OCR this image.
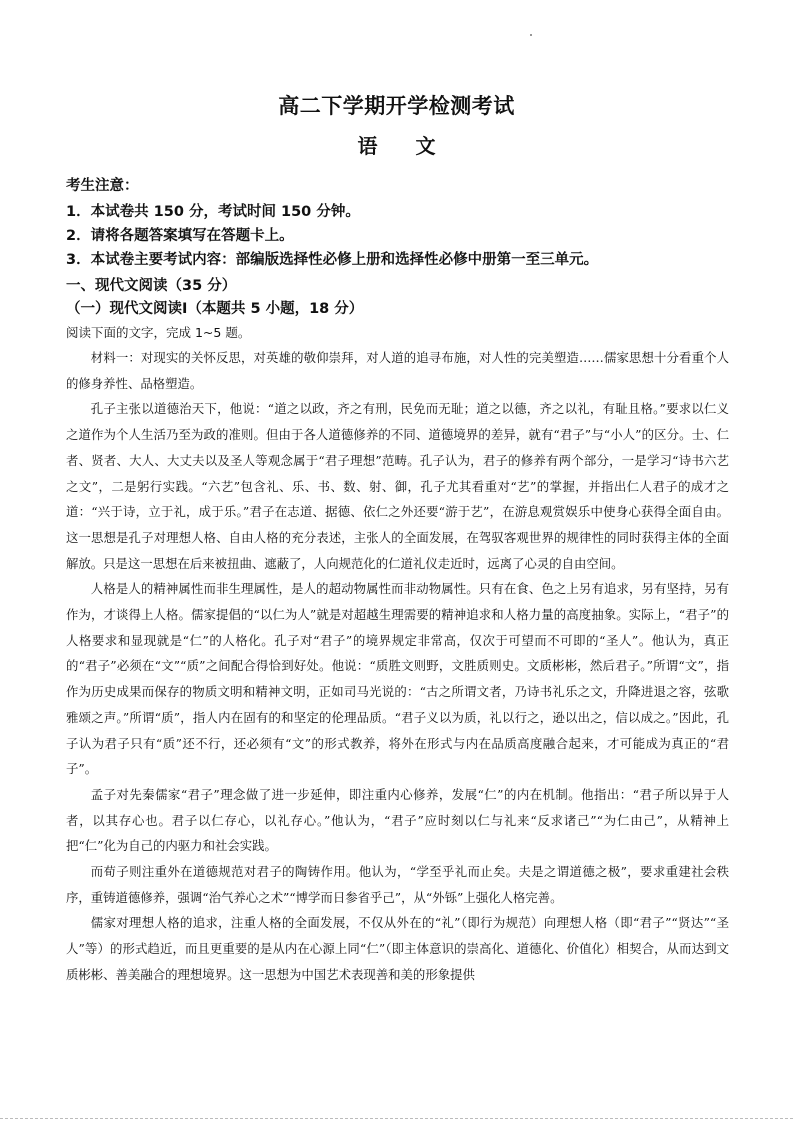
高二下学期开学检测考试
语 文
考生注意：
1．本试卷共 150 分，考试时间 150 分钟。
2．请将各题答案填写在答题卡上。
3．本试卷主要考试内容：部编版选择性必修上册和选择性必修中册第一至三单元。
一、现代文阅读（35 分）
（一）现代文阅读Ⅰ（本题共 5 小题，18 分）
阅读下面的文字，完成 1~5 题。

材料一：对现实的关怀反思，对英雄的敬仰崇拜，对人道的追寻布施，对人性的完美塑造……儒家思想十分看重个人的修身养性、品格塑造。

孔子主张以道德治天下，他说：“道之以政，齐之有刑，民免而无耻；道之以德，齐之以礼，有耻且格。”要求以仁义之道作为个人生活乃至为政的准则。但由于各人道德修养的不同、道德境界的差异，就有“君子”与“小人”的区分。士、仁者、贤者、大人、大丈夫以及圣人等观念属于“君子理想”范畴。孔子认为，君子的修养有两个部分，一是学习“诗书六艺之文”，二是躬行实践。“六艺”包含礼、乐、书、数、射、御，孔子尤其看重对“艺”的掌握，并指出仁人君子的成才之道：“兴于诗，立于礼，成于乐。”君子在志道、据德、依仁之外还要“游于艺”，在游息观赏娱乐中使身心获得全面自由。这一思想是孔子对理想人格、自由人格的充分表述，主张人的全面发展，在驾驭客观世界的规律性的同时获得主体的全面解放。只是这一思想在后来被扭曲、遮蔽了，人向规范化的仁道礼仪走近时，远离了心灵的自由空间。

人格是人的精神属性而非生理属性，是人的超动物属性而非动物属性。只有在食、色之上另有追求，另有坚持，另有作为，才谈得上人格。儒家提倡的“以仁为人”就是对超越生理需要的精神追求和人格力量的高度抽象。实际上，“君子”的人格要求和显现就是“仁”的人格化。孔子对“君子”的境界规定非常高，仅次于可望而不可即的“圣人”。他认为，真正的“君子”必须在“文”“质”之间配合得恰到好处。他说：“质胜文则野，文胜质则史。文质彬彬，然后君子。”所谓“文”，指作为历史成果而保存的物质文明和精神文明，正如司马光说的：“古之所谓文者，乃诗书礼乐之文，升降进退之容，弦歌雅颂之声。”所谓“质”，指人内在固有的和坚定的伦理品质。“君子义以为质，礼以行之，逊以出之，信以成之。”因此，孔子认为君子只有“质”还不行，还必须有“文”的形式教养，将外在形式与内在品质高度融合起来，才可能成为真正的“君子”。

孟子对先秦儒家“君子”理念做了进一步延伸，即注重内心修养，发展“仁”的内在机制。他指出：“君子所以异于人者，以其存心也。君子以仁存心，以礼存心。”他认为，“君子”应时刻以仁与礼来“反求诸己”“为仁由己”，从精神上把“仁”化为自己的内驱力和社会实践。

而荀子则注重外在道德规范对君子的陶铸作用。他认为，“学至乎礼而止矣。夫是之谓道德之极”，要求重建社会秩序，重铸道德修养，强调“治气养心之术”“博学而日参省乎己”，从“外铄”上强化人格完善。

儒家对理想人格的追求，注重人格的全面发展，不仅从外在的“礼”（即行为规范）向理想人格（即“君子”“贤达”“圣人”等）的形式趋近，而且更重要的是从内在心源上同“仁”（即主体意识的崇高化、道德化、价值化）相契合，从而达到文质彬彬、善美融合的理想境界。这一思想为中国艺术表现善和美的形象提供
